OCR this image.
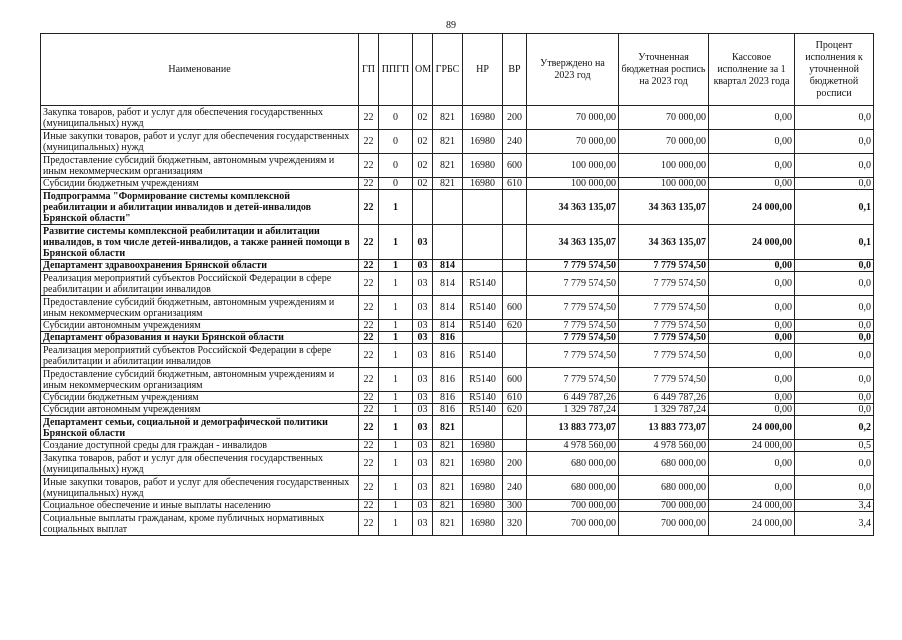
89
Наименование	ГП	ППГП	ОМ	ГРБС	НР	ВР	Утверждено на 2023 год	Уточненная бюджетная роспись на 2023 год	Кассовое исполнение за 1 квартал 2023 года	Процент исполнения к уточненной бюджетной росписи
Закупка товаров, работ и услуг для обеспечения государственных (муниципальных) нужд	22	0	02	821	16980	200	70 000,00	70 000,00	0,00	0,0
Иные закупки товаров, работ и услуг для обеспечения государственных (муниципальных) нужд	22	0	02	821	16980	240	70 000,00	70 000,00	0,00	0,0
Предоставление субсидий бюджетным, автономным учреждениям и иным некоммерческим организациям	22	0	02	821	16980	600	100 000,00	100 000,00	0,00	0,0
Субсидии бюджетным учреждениям	22	0	02	821	16980	610	100 000,00	100 000,00	0,00	0,0
Подпрограмма "Формирование системы комплексной реабилитации и абилитации инвалидов и детей-инвалидов Брянской области"	22	1					34 363 135,07	34 363 135,07	24 000,00	0,1
Развитие системы комплексной реабилитации и абилитации инвалидов, в том числе детей-инвалидов, а также ранней помощи в Брянской области	22	1	03				34 363 135,07	34 363 135,07	24 000,00	0,1
Департамент здравоохранения Брянской области	22	1	03	814			7 779 574,50	7 779 574,50	0,00	0,0
Реализация мероприятий субъектов Российской Федерации в сфере реабилитации и абилитации инвалидов	22	1	03	814	R5140		7 779 574,50	7 779 574,50	0,00	0,0
Предоставление субсидий бюджетным, автономным учреждениям и иным некоммерческим организациям	22	1	03	814	R5140	600	7 779 574,50	7 779 574,50	0,00	0,0
Субсидии автономным учреждениям	22	1	03	814	R5140	620	7 779 574,50	7 779 574,50	0,00	0,0
Департамент образования и науки Брянской области	22	1	03	816			7 779 574,50	7 779 574,50	0,00	0,0
Реализация мероприятий субъектов Российской Федерации в сфере реабилитации и абилитации инвалидов	22	1	03	816	R5140		7 779 574,50	7 779 574,50	0,00	0,0
Предоставление субсидий бюджетным, автономным учреждениям и иным некоммерческим организациям	22	1	03	816	R5140	600	7 779 574,50	7 779 574,50	0,00	0,0
Субсидии бюджетным учреждениям	22	1	03	816	R5140	610	6 449 787,26	6 449 787,26	0,00	0,0
Субсидии автономным учреждениям	22	1	03	816	R5140	620	1 329 787,24	1 329 787,24	0,00	0,0
Департамент семьи, социальной и демографической политики Брянской области	22	1	03	821			13 883 773,07	13 883 773,07	24 000,00	0,2
Создание доступной среды для граждан - инвалидов	22	1	03	821	16980		4 978 560,00	4 978 560,00	24 000,00	0,5
Закупка товаров, работ и услуг для обеспечения государственных (муниципальных) нужд	22	1	03	821	16980	200	680 000,00	680 000,00	0,00	0,0
Иные закупки товаров, работ и услуг для обеспечения государственных (муниципальных) нужд	22	1	03	821	16980	240	680 000,00	680 000,00	0,00	0,0
Социальное обеспечение и иные выплаты населению	22	1	03	821	16980	300	700 000,00	700 000,00	24 000,00	3,4
Социальные выплаты гражданам, кроме публичных нормативных социальных выплат	22	1	03	821	16980	320	700 000,00	700 000,00	24 000,00	3,4
